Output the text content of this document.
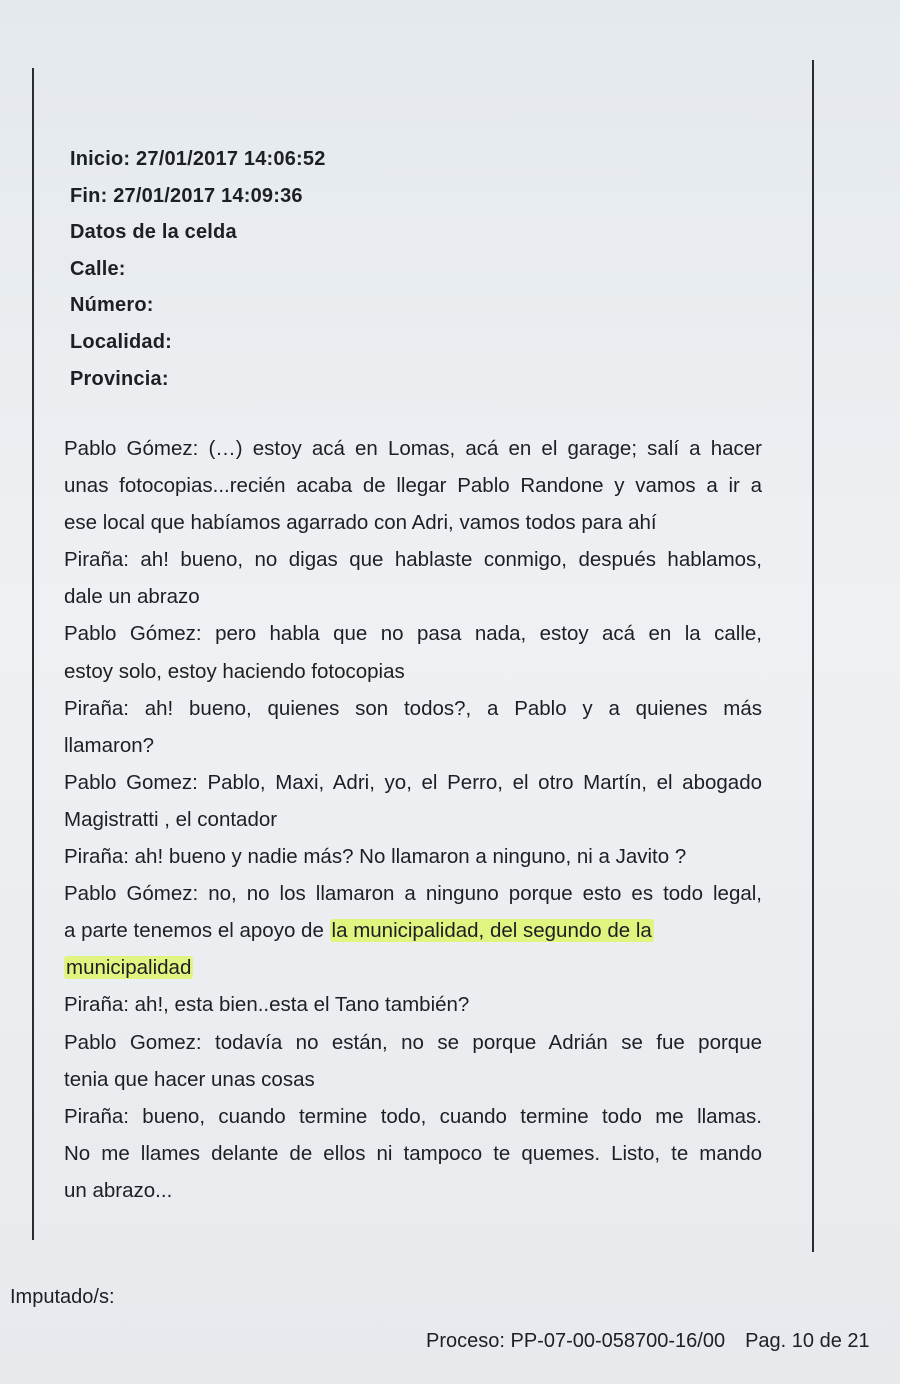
Inicio: 27/01/2017 14:06:52
Fin: 27/01/2017 14:09:36
Datos de la celda
Calle:
Número:
Localidad:
Provincia:
Pablo Gómez: (…) estoy acá en Lomas, acá en el garage; salí a hacer
unas fotocopias...recién acaba de llegar Pablo Randone y vamos a ir a
ese local que habíamos agarrado con Adri, vamos todos para ahí
Piraña: ah! bueno, no digas que hablaste conmigo, después hablamos,
dale un abrazo
Pablo Gómez: pero habla que no pasa nada, estoy acá en la calle,
estoy solo, estoy haciendo fotocopias
Piraña: ah! bueno, quienes son todos?, a Pablo y a quienes más
llamaron?
Pablo Gomez: Pablo, Maxi, Adri, yo, el Perro, el otro Martín, el abogado
Magistratti , el contador
Piraña: ah! bueno y nadie más? No llamaron a ninguno, ni a Javito ?
Pablo Gómez: no, no los llamaron a ninguno porque esto es todo legal,
a parte tenemos el apoyo de la municipalidad, del segundo de la
municipalidad
Piraña: ah!, esta bien..esta el Tano también?
Pablo Gomez: todavía no están, no se porque Adrián se fue porque
tenia que hacer unas cosas
Piraña: bueno, cuando termine todo, cuando termine todo me llamas.
No me llames delante de ellos ni tampoco te quemes. Listo, te mando
un abrazo...
Imputado/s:
Proceso: PP-07-00-058700-16/00 Pag. 10 de 21
